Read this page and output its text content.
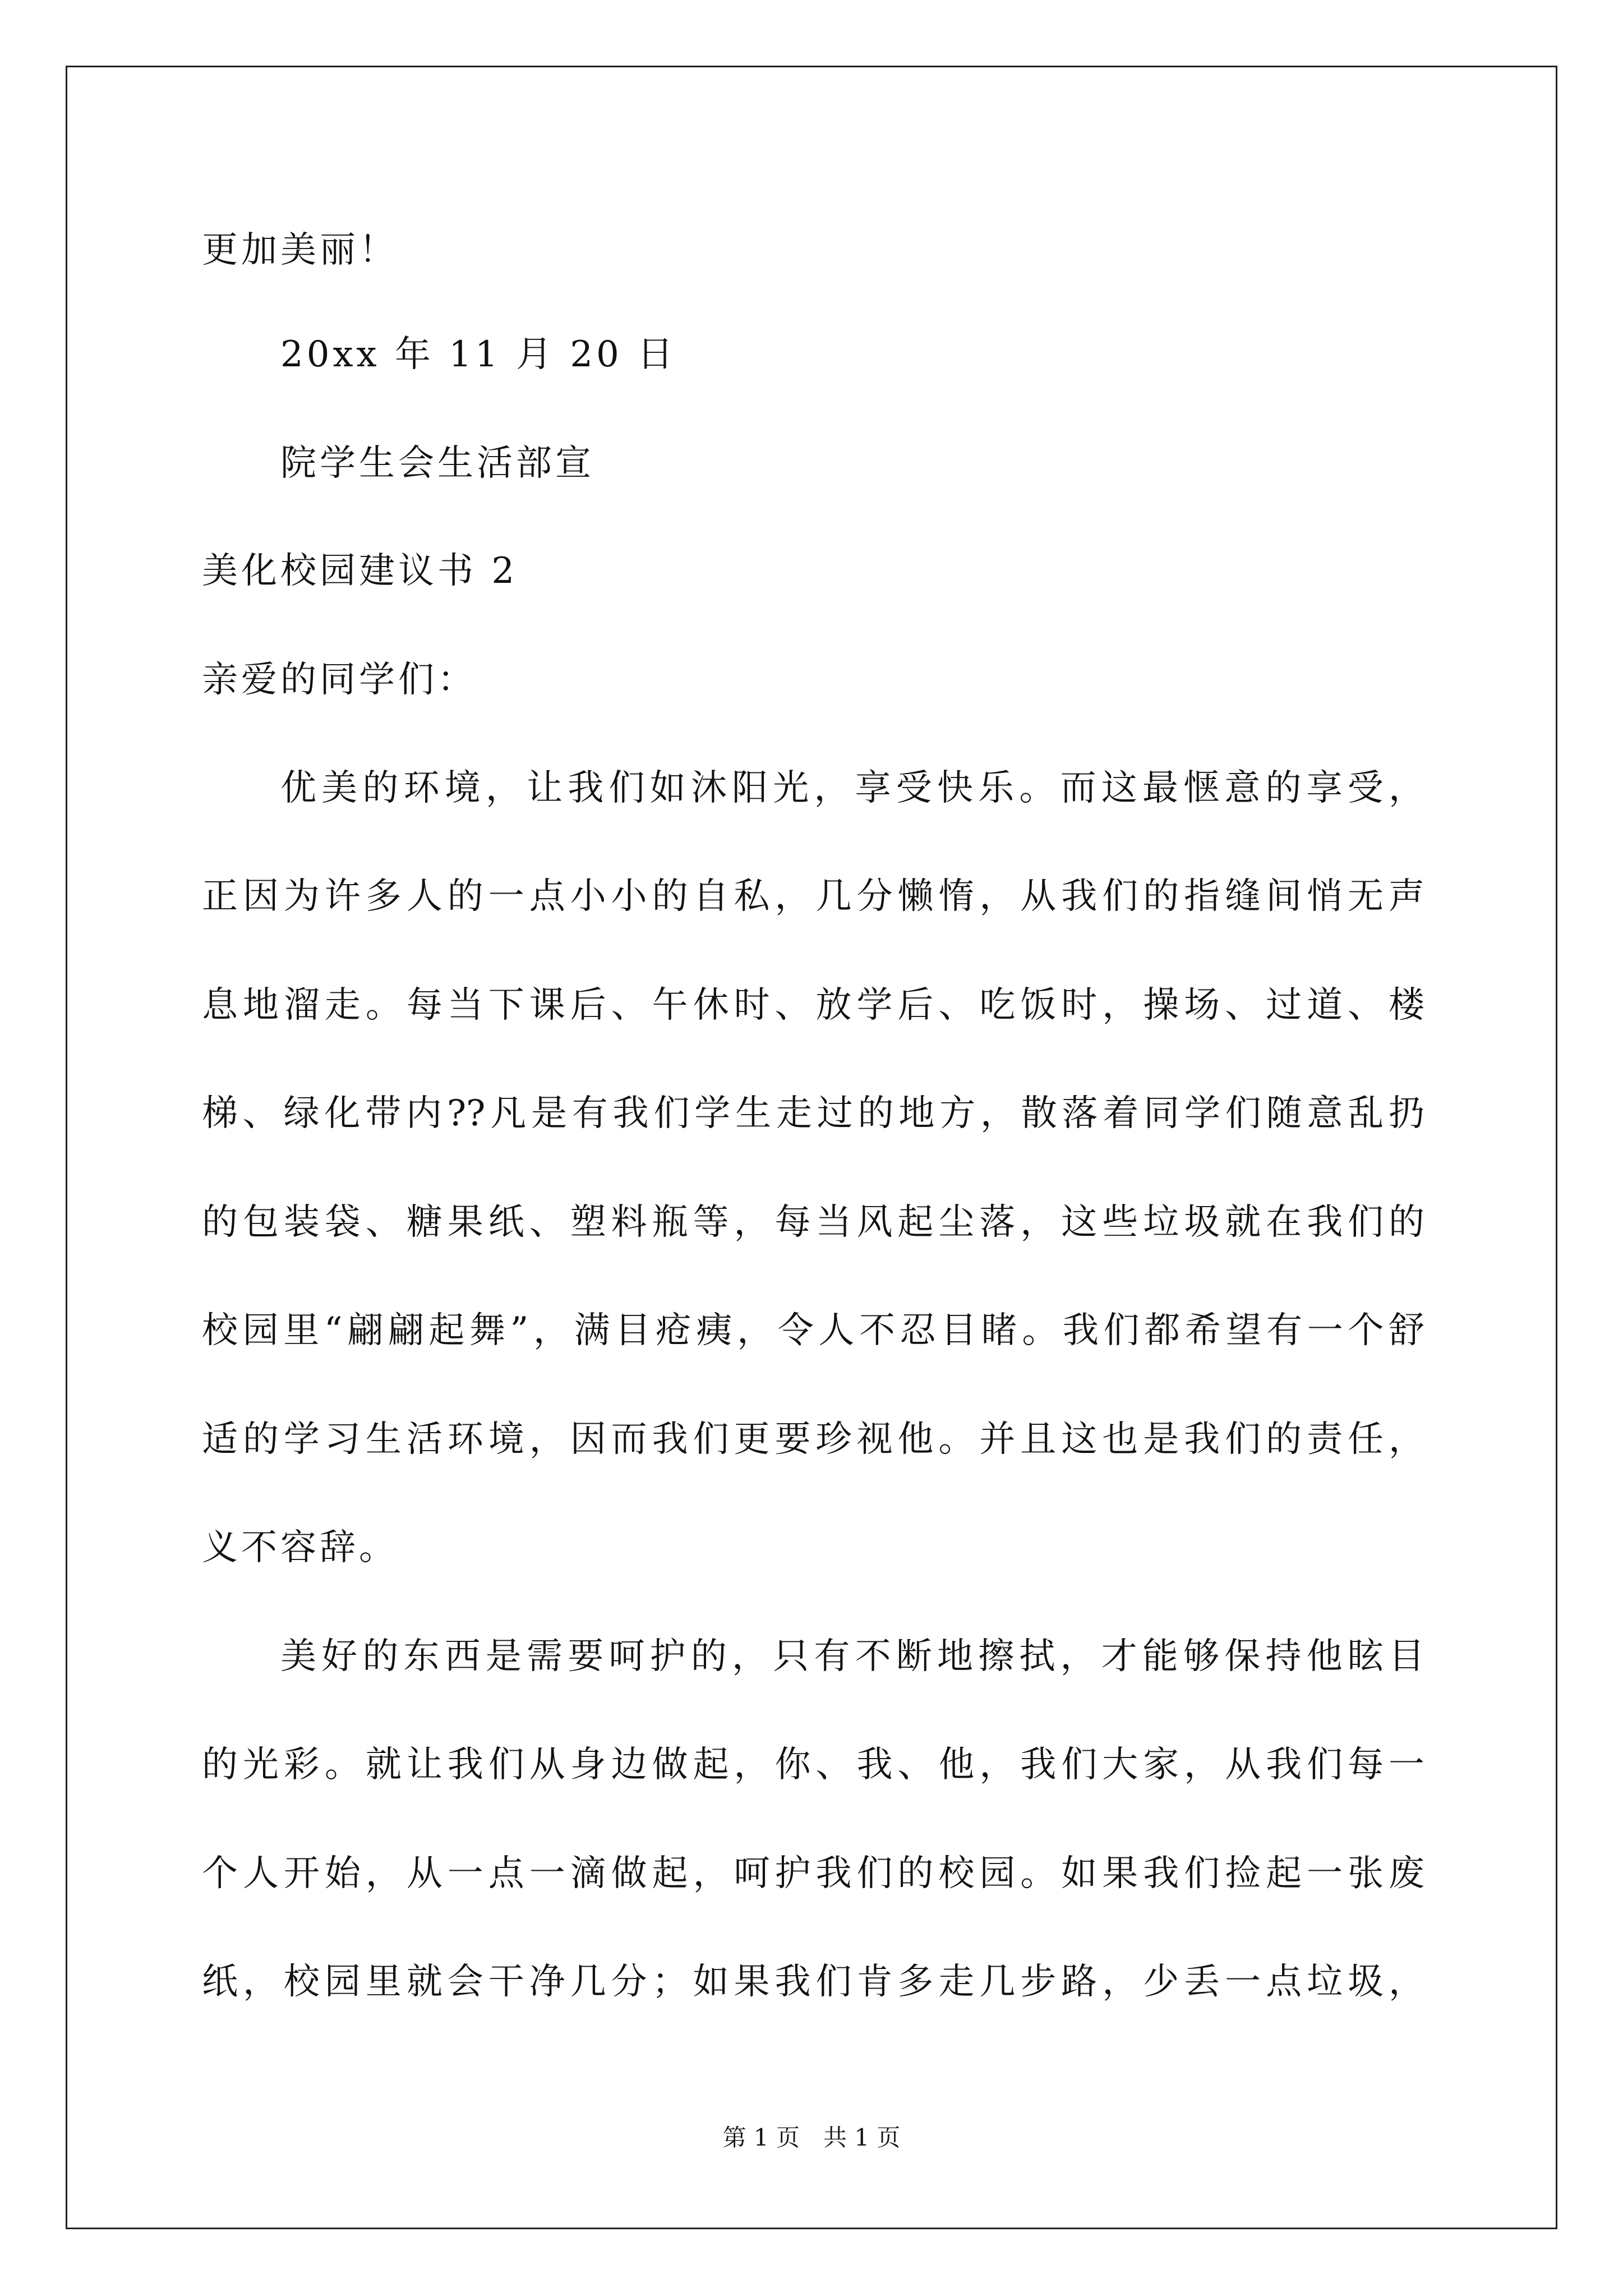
更加美丽！
20xx 年 11 月 20 日
院学生会生活部宣
美化校园建议书 2
亲爱的同学们：
优美的环境，让我们如沐阳光，享受快乐。而这最惬意的享受，
正因为许多人的一点小小的自私，几分懒惰，从我们的指缝间悄无声
息地溜走。每当下课后、午休时、放学后、吃饭时，操场、过道、楼
梯、绿化带内??凡是有我们学生走过的地方，散落着同学们随意乱扔
的包装袋、糖果纸、塑料瓶等，每当风起尘落，这些垃圾就在我们的
校园里“翩翩起舞”，满目疮痍，令人不忍目睹。我们都希望有一个舒
适的学习生活环境，因而我们更要珍视他。并且这也是我们的责任，
义不容辞。
美好的东西是需要呵护的，只有不断地擦拭，才能够保持他眩目
的光彩。就让我们从身边做起，你、我、他，我们大家，从我们每一
个人开始，从一点一滴做起，呵护我们的校园。如果我们捡起一张废
纸，校园里就会干净几分；如果我们肯多走几步路，少丢一点垃圾，
第 1 页　共 1 页
